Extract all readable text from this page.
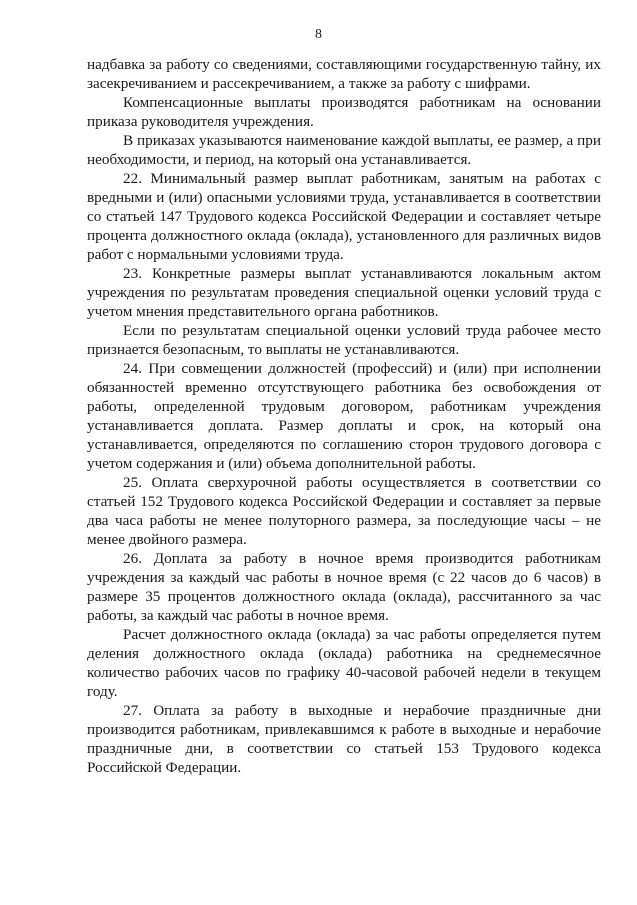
8

надбавка за работу со сведениями, составляющими государственную тайну, их засекречиванием и рассекречиванием, а также за работу с шифрами.

Компенсационные выплаты производятся работникам на основании приказа руководителя учреждения.

В приказах указываются наименование каждой выплаты, ее размер, а при необходимости, и период, на который она устанавливается.

22. Минимальный размер выплат работникам, занятым на работах с вредными и (или) опасными условиями труда, устанавливается в соответствии со статьей 147 Трудового кодекса Российской Федерации и составляет четыре процента должностного оклада (оклада), установленного для различных видов работ с нормальными условиями труда.

23. Конкретные размеры выплат устанавливаются локальным актом учреждения по результатам проведения специальной оценки условий труда с учетом мнения представительного органа работников.

Если по результатам специальной оценки условий труда рабочее место признается безопасным, то выплаты не устанавливаются.

24. При совмещении должностей (профессий) и (или) при исполнении обязанностей временно отсутствующего работника без освобождения от работы, определенной трудовым договором, работникам учреждения устанавливается доплата. Размер доплаты и срок, на который она устанавливается, определяются по соглашению сторон трудового договора с учетом содержания и (или) объема дополнительной работы.

25. Оплата сверхурочной работы осуществляется в соответствии со статьей 152 Трудового кодекса Российской Федерации и составляет за первые два часа работы не менее полуторного размера, за последующие часы – не менее двойного размера.

26. Доплата за работу в ночное время производится работникам учреждения за каждый час работы в ночное время (с 22 часов до 6 часов) в размере 35 процентов должностного оклада (оклада), рассчитанного за час работы, за каждый час работы в ночное время.

Расчет должностного оклада (оклада) за час работы определяется путем деления должностного оклада (оклада) работника на среднемесячное количество рабочих часов по графику 40-часовой рабочей недели в текущем году.

27. Оплата за работу в выходные и нерабочие праздничные дни производится работникам, привлекавшимся к работе в выходные и нерабочие праздничные дни, в соответствии со статьей 153 Трудового кодекса Российской Федерации.
